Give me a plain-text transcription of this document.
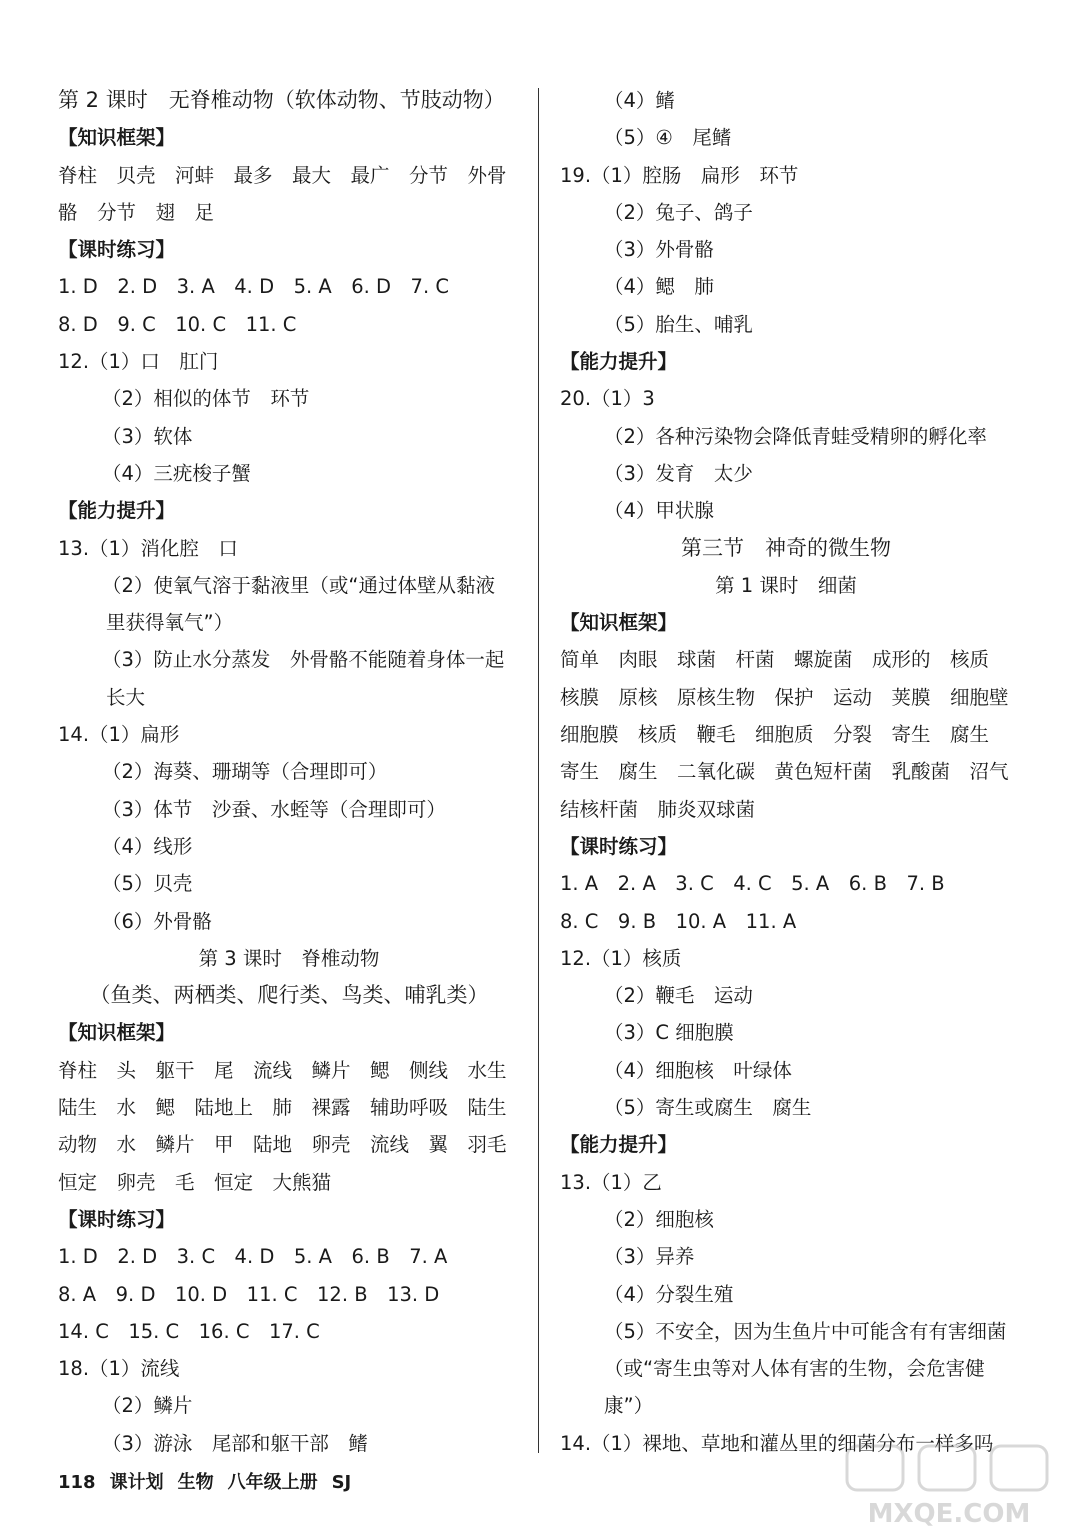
第 2 课时　无脊椎动物（软体动物、节肢动物）
【知识框架】
脊柱　贝壳　河蚌　最多　最大　最广　分节　外骨
骼　分节　翅　足
【课时练习】
1. D　2. D　3. A　4. D　5. A　6. D　7. C
8. D　9. C　10. C　11. C
12.（1）口　肛门
（2）相似的体节　环节
（3）软体
（4）三疣梭子蟹
【能力提升】
13.（1）消化腔　口
（2）使氧气溶于黏液里（或“通过体壁从黏液
里获得氧气”）
（3）防止水分蒸发　外骨骼不能随着身体一起
长大
14.（1）扁形
（2）海葵、珊瑚等（合理即可）
（3）体节　沙蚕、水蛭等（合理即可）
（4）线形
（5）贝壳
（6）外骨骼
第 3 课时　脊椎动物
（鱼类、两栖类、爬行类、鸟类、哺乳类）
【知识框架】
脊柱　头　躯干　尾　流线　鳞片　鳃　侧线　水生
陆生　水　鳃　陆地上　肺　裸露　辅助呼吸　陆生
动物　水　鳞片　甲　陆地　卵壳　流线　翼　羽毛
恒定　卵壳　毛　恒定　大熊猫
【课时练习】
1. D　2. D　3. C　4. D　5. A　6. B　7. A
8. A　9. D　10. D　11. C　12. B　13. D
14. C　15. C　16. C　17. C
18.（1）流线
（2）鳞片
（3）游泳　尾部和躯干部　鳍
（4）鳍
（5）④　尾鳍
19.（1）腔肠　扁形　环节
（2）兔子、鸽子
（3）外骨骼
（4）鳃　肺
（5）胎生、哺乳
【能力提升】
20.（1）3
（2）各种污染物会降低青蛙受精卵的孵化率
（3）发育　太少
（4）甲状腺
第三节　神奇的微生物
第 1 课时　细菌
【知识框架】
简单　肉眼　球菌　杆菌　螺旋菌　成形的　核质
核膜　原核　原核生物　保护　运动　荚膜　细胞壁
细胞膜　核质　鞭毛　细胞质　分裂　寄生　腐生
寄生　腐生　二氧化碳　黄色短杆菌　乳酸菌　沼气
结核杆菌　肺炎双球菌
【课时练习】
1. A　2. A　3. C　4. C　5. A　6. B　7. B
8. C　9. B　10. A　11. A
12.（1）核质
（2）鞭毛　运动
（3）C 细胞膜
（4）细胞核　叶绿体
（5）寄生或腐生　腐生
【能力提升】
13.（1）乙
（2）细胞核
（3）异养
（4）分裂生殖
（5）不安全，因为生鱼片中可能含有有害细菌
（或“寄生虫等对人体有害的生物，会危害健
康”）
14.（1）裸地、草地和灌丛里的细菌分布一样多吗
118 课计划 生物 八年级上册 SJ
MXQE.COM
